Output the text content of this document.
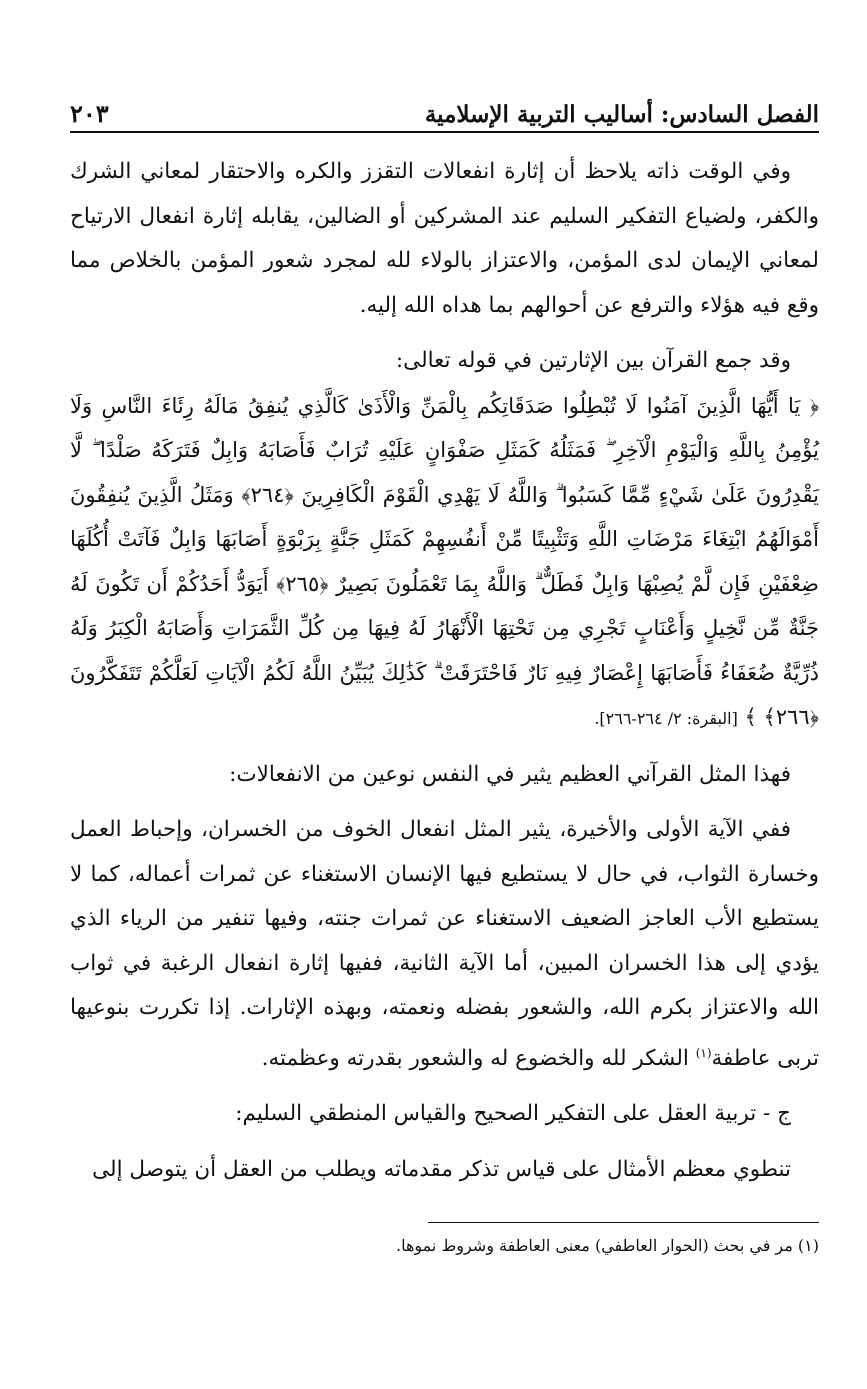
الفصل السادس: أساليب التربية الإسلامية
٢٠٣

وفي الوقت ذاته يلاحظ أن إثارة انفعالات التقزز والكره والاحتقار لمعاني الشرك والكفر، ولضياع التفكير السليم عند المشركين أو الضالين، يقابله إثارة انفعال الارتياح لمعاني الإيمان لدى المؤمن، والاعتزاز بالولاء لله لمجرد شعور المؤمن بالخلاص مما وقع فيه هؤلاء والترفع عن أحوالهم بما هداه الله إليه.

وقد جمع القرآن بين الإثارتين في قوله تعالى:

﴿ يَا أَيُّهَا الَّذِينَ آمَنُوا لَا تُبْطِلُوا صَدَقَاتِكُم بِالْمَنِّ وَالْأَذَىٰ كَالَّذِي يُنفِقُ مَالَهُ رِئَاءَ النَّاسِ وَلَا يُؤْمِنُ بِاللَّهِ وَالْيَوْمِ الْآخِرِ ۖ فَمَثَلُهُ كَمَثَلِ صَفْوَانٍ عَلَيْهِ تُرَابٌ فَأَصَابَهُ وَابِلٌ فَتَرَكَهُ صَلْدًا ۖ لَّا يَقْدِرُونَ عَلَىٰ شَيْءٍ مِّمَّا كَسَبُوا ۗ وَاللَّهُ لَا يَهْدِي الْقَوْمَ الْكَافِرِينَ ﴿٢٦٤﴾ وَمَثَلُ الَّذِينَ يُنفِقُونَ أَمْوَالَهُمُ ابْتِغَاءَ مَرْضَاتِ اللَّهِ وَتَثْبِيتًا مِّنْ أَنفُسِهِمْ كَمَثَلِ جَنَّةٍ بِرَبْوَةٍ أَصَابَهَا وَابِلٌ فَآتَتْ أُكُلَهَا ضِعْفَيْنِ فَإِن لَّمْ يُصِبْهَا وَابِلٌ فَطَلٌّ ۗ وَاللَّهُ بِمَا تَعْمَلُونَ بَصِيرٌ ﴿٢٦٥﴾ أَيَوَدُّ أَحَدُكُمْ أَن تَكُونَ لَهُ جَنَّةٌ مِّن نَّخِيلٍ وَأَعْنَابٍ تَجْرِي مِن تَحْتِهَا الْأَنْهَارُ لَهُ فِيهَا مِن كُلِّ الثَّمَرَاتِ وَأَصَابَهُ الْكِبَرُ وَلَهُ ذُرِّيَّةٌ ضُعَفَاءُ فَأَصَابَهَا إِعْصَارٌ فِيهِ نَارٌ فَاحْتَرَقَتْ ۗ كَذَٰلِكَ يُبَيِّنُ اللَّهُ لَكُمُ الْآيَاتِ لَعَلَّكُمْ تَتَفَكَّرُونَ ﴿٢٦٦﴾ ﴾ [البقرة: ٢/ ٢٦٤-٢٦٦].

فهذا المثل القرآني العظيم يثير في النفس نوعين من الانفعالات:

ففي الآية الأولى والأخيرة، يثير المثل انفعال الخوف من الخسران، وإحباط العمل وخسارة الثواب، في حال لا يستطيع فيها الإنسان الاستغناء عن ثمرات أعماله، كما لا يستطيع الأب العاجز الضعيف الاستغناء عن ثمرات جنته، وفيها تنفير من الرياء الذي يؤدي إلى هذا الخسران المبين، أما الآية الثانية، ففيها إثارة انفعال الرغبة في ثواب الله والاعتزاز بكرم الله، والشعور بفضله ونعمته، وبهذه الإثارات. إذا تكررت بنوعيها تربى عاطفة$^{(١)}$ الشكر لله والخضوع له والشعور بقدرته وعظمته.

ج - تربية العقل على التفكير الصحيح والقياس المنطقي السليم:

تنطوي معظم الأمثال على قياس تذكر مقدماته ويطلب من العقل أن يتوصل إلى

(١) مر في بحث (الحوار العاطفي) معنى العاطفة وشروط نموها.
